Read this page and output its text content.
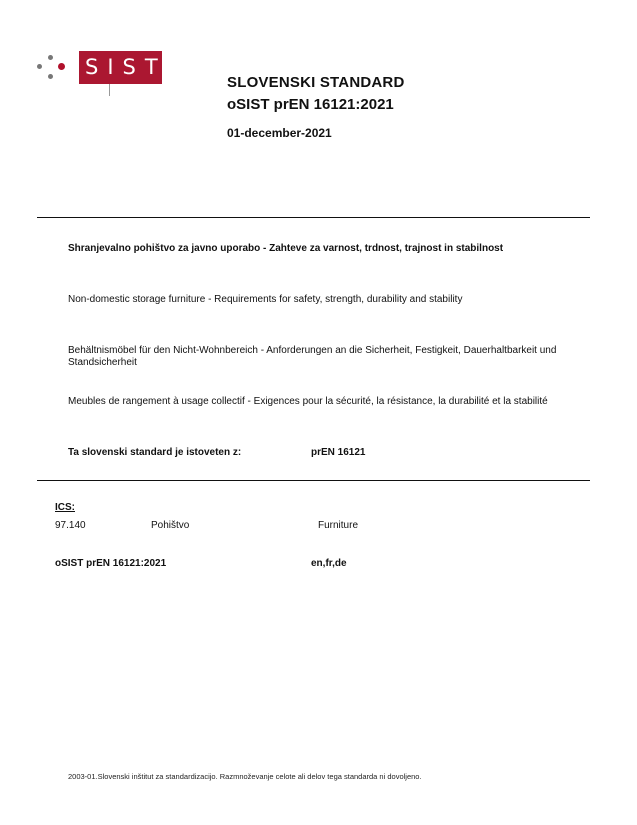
SIST
SLOVENSKI STANDARD
oSIST prEN 16121:2021
01-december-2021
Shranjevalno pohištvo za javno uporabo - Zahteve za varnost, trdnost, trajnost in stabilnost
Non-domestic storage furniture - Requirements for safety, strength, durability and stability
Behältnismöbel für den Nicht-Wohnbereich - Anforderungen an die Sicherheit, Festigkeit, Dauerhaltbarkeit und Standsicherheit
Meubles de rangement à usage collectif - Exigences pour la sécurité, la résistance, la durabilité et la stabilité
Ta slovenski standard je istoveten z:	prEN 16121
ICS:
97.140	Pohištvo	Furniture
oSIST prEN 16121:2021	en,fr,de
2003-01.Slovenski inštitut za standardizacijo. Razmnoževanje celote ali delov tega standarda ni dovoljeno.
